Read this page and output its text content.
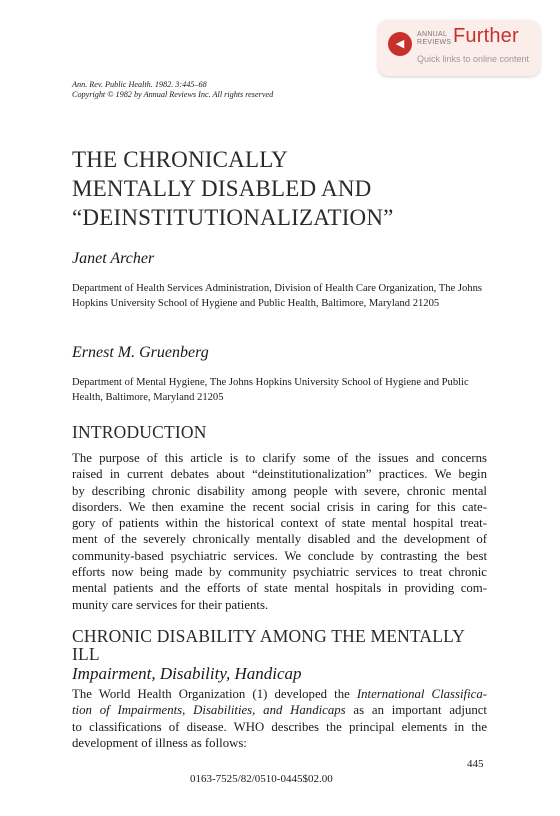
◀
ANNUAL
REVIEWS Further
Quick links to online content
Ann. Rev. Public Health. 1982. 3:445–68
Copyright © 1982 by Annual Reviews Inc. All rights reserved
THE CHRONICALLY
MENTALLY DISABLED AND
“DEINSTITUTIONALIZATION”
Janet Archer
Department of Health Services Administration, Division of Health Care Organization, The Johns Hopkins University School of Hygiene and Public Health, Baltimore, Maryland 21205
Ernest M. Gruenberg
Department of Mental Hygiene, The Johns Hopkins University School of Hygiene and Public Health, Baltimore, Maryland 21205
INTRODUCTION
The purpose of this article is to clarify some of the issues and concerns
raised in current debates about “deinstitutionalization” practices. We begin
by describing chronic disability among people with severe, chronic mental
disorders. We then examine the recent social crisis in caring for this cate-
gory of patients within the historical context of state mental hospital treat-
ment of the severely chronically mentally disabled and the development of
community-based psychiatric services. We conclude by contrasting the best
efforts now being made by community psychiatric services to treat chronic
mental patients and the efforts of state mental hospitals in providing com-
munity care services for their patients.
CHRONIC DISABILITY AMONG THE MENTALLY
ILL
Impairment, Disability, Handicap
The World Health Organization (1) developed the International Classifica-
tion of Impairments, Disabilities, and Handicaps as an important adjunct
to classifications of disease. WHO describes the principal elements in the
development of illness as follows:
445
0163-7525/82/0510-0445$02.00
